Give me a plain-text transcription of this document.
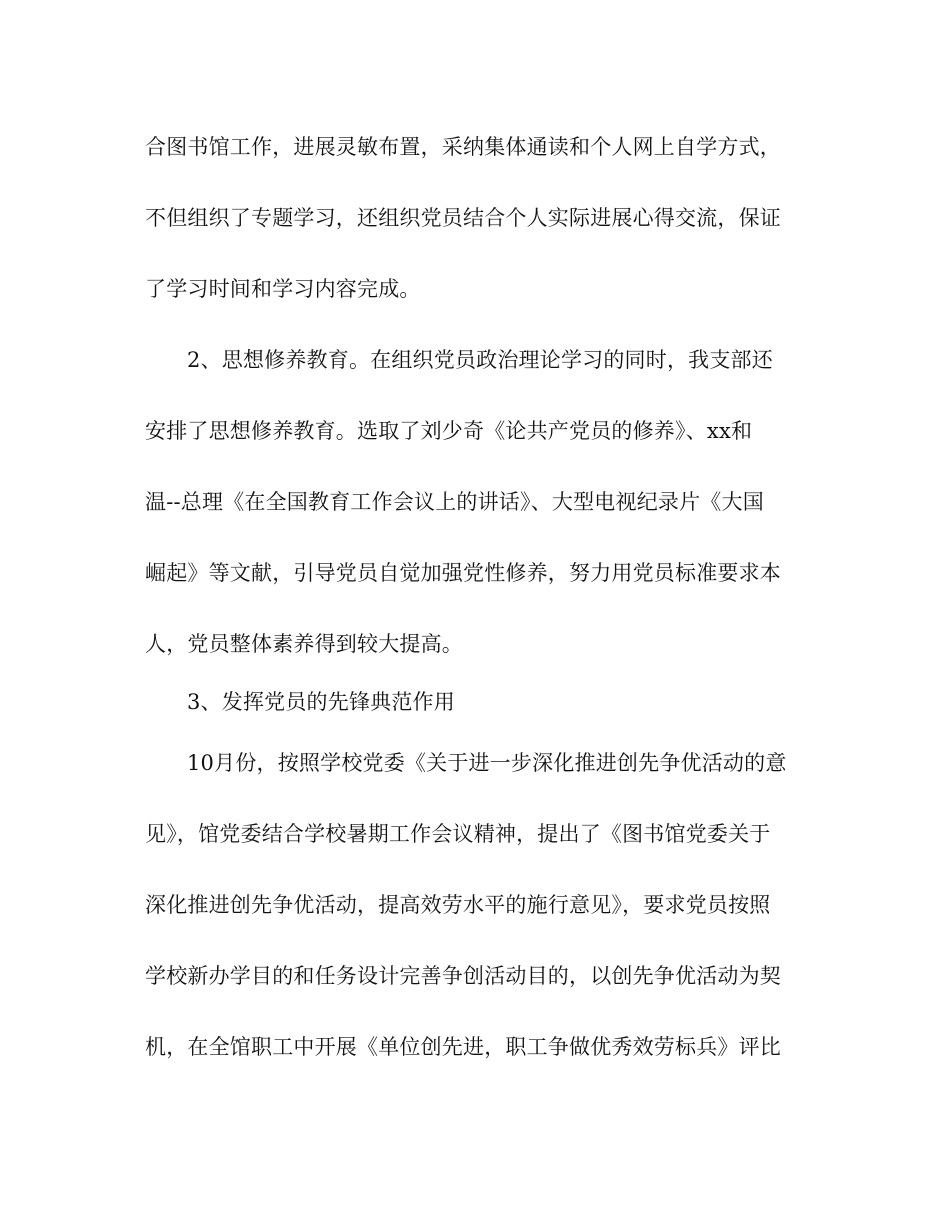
合图书馆工作，进展灵敏布置，采纳集体通读和个人网上自学方式，
不但组织了专题学习，还组织党员结合个人实际进展心得交流，保证
了学习时间和学习内容完成。
2、思想修养教育。在组织党员政治理论学习的同时，我支部还
安排了思想修养教育。选取了刘少奇《论共产党员的修养》、xx和
温--总理《在全国教育工作会议上的讲话》、大型电视纪录片《大国
崛起》等文献，引导党员自觉加强党性修养，努力用党员标准要求本
人，党员整体素养得到较大提高。
3、发挥党员的先锋典范作用
10月份，按照学校党委《关于进一步深化推进创先争优活动的意
见》，馆党委结合学校暑期工作会议精神，提出了《图书馆党委关于
深化推进创先争优活动，提高效劳水平的施行意见》，要求党员按照
学校新办学目的和任务设计完善争创活动目的，以创先争优活动为契
机，在全馆职工中开展《单位创先进，职工争做优秀效劳标兵》评比
